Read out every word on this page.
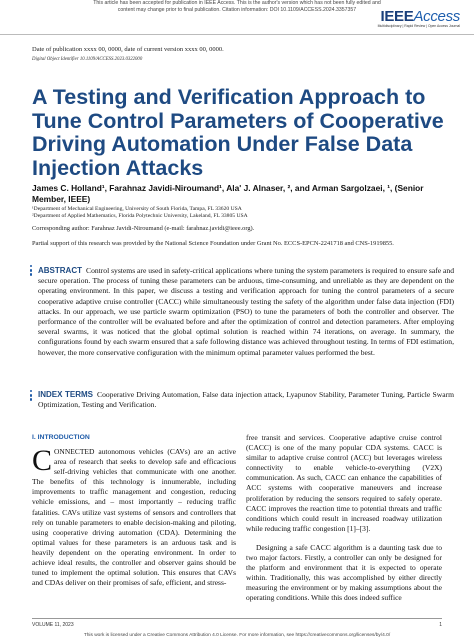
This article has been accepted for publication in IEEE Access. This is the author's version which has not been fully edited and
content may change prior to final publication. Citation information: DOI 10.1109/ACCESS.2024.3357357	IEEEAccess
Multidisciplinary | Rapid Review | Open Access Journal
Date of publication xxxx 00, 0000, date of current version xxxx 00, 0000.
Digital Object Identifier 10.1109/ACCESS.2023.0322000
A Testing and Verification Approach to Tune Control Parameters of Cooperative Driving Automation Under False Data Injection Attacks
James C. Holland¹, Farahnaz Javidi-Niroumand¹, Ala' J. Alnaser, ², and Arman Sargolzaei, ¹, (Senior Member, IEEE)
¹Department of Mechanical Engineering, University of South Florida, Tampa, FL 33620 USA
²Department of Applied Mathematics, Florida Polytechnic University, Lakeland, FL 33805 USA
Corresponding author: Farahnaz Javidi-Niroumand (e-mail: farahnaz.javidi@ieee.org).
Partial support of this research was provided by the National Science Foundation under Grant No. ECCS-EPCN-2241718 and CNS-1919855.
ABSTRACT Control systems are used in safety-critical applications where tuning the system parameters is required to ensure safe and secure operation. The process of tuning these parameters can be arduous, time-consuming, and unreliable as they are dependent on the operating environment. In this paper, we discuss a testing and verification approach for tuning the control parameters of a secure cooperative adaptive cruise controller (CACC) while simultaneously testing the safety of the algorithm under false data injection (FDI) attacks. In our approach, we use particle swarm optimization (PSO) to tune the parameters of both the controller and observer. The performance of the controller will be evaluated before and after the optimization of control and detection parameters. After employing several swarms, it was noticed that the global optimal solution is reached within 74 iterations, on average. In summary, the configurations found by each swarm ensured that a safe following distance was achieved throughout testing. In terms of FDI estimation, however, the more conservative configuration with the minimum optimal parameter values performed the best.
INDEX TERMS Cooperative Driving Automation, False data injection attack, Lyapunov Stability, Parameter Tuning, Particle Swarm Optimization, Testing and Verification.
I. INTRODUCTION
CONNECTED autonomous vehicles (CAVs) are an active area of research that seeks to develop safe and efficacious self-driving vehicles that communicate with one another. The benefits of this technology is innumerable, including improvements to traffic management and congestion, reducing vehicle emissions, and – most importantly – reducing traffic fatalities. CAVs utilize vast systems of sensors and controllers that rely on tunable parameters to enable decision-making and piloting, using cooperative driving automation (CDA). Determining the optimal values for these parameters is an arduous task and is heavily dependent on the operating environment. In order to achieve ideal results, the controller and observer gains should be tuned to implement the optimal solution. This ensures that CAVs and CDAs deliver on their promises of safe, efficient, and stress-
free transit and services. Cooperative adaptive cruise control (CACC) is one of the many popular CDA systems. CACC is similar to adaptive cruise control (ACC) but leverages wireless connectivity to enable vehicle-to-everything (V2X) communication. As such, CACC can enhance the capabilities of ACC systems with cooperative maneuvers and increase proliferation by reducing the sensors required to safely operate. CACC improves the reaction time to potential threats and traffic conditions which could result in increased roadway utilization while reducing traffic congestion [1]–[3].
Designing a safe CACC algorithm is a daunting task due to two major factors. Firstly, a controller can only be designed for the platform and environment that it is expected to operate within. Traditionally, this was accomplished by either directly measuring the environment or by making assumptions about the operating conditions. While this does indeed suffice
VOLUME 11, 2023	1
This work is licensed under a Creative Commons Attribution 4.0 License. For more information, see https://creativecommons.org/licenses/by/4.0/
